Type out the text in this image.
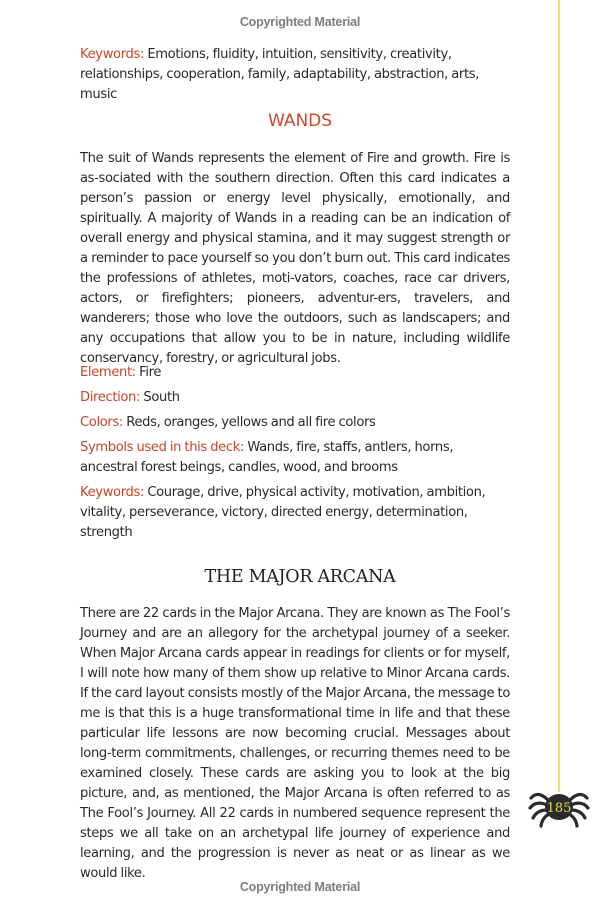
Copyrighted Material
Keywords: Emotions, fluidity, intuition, sensitivity, creativity, relationships, cooperation, family, adaptability, abstraction, arts, music
WANDS
The suit of Wands represents the element of Fire and growth. Fire is as-sociated with the southern direction. Often this card indicates a person’s passion or energy level physically, emotionally, and spiritually. A majority of Wands in a reading can be an indication of overall energy and physical stamina, and it may suggest strength or a reminder to pace yourself so you don’t burn out. This card indicates the professions of athletes, moti-vators, coaches, race car drivers, actors, or firefighters; pioneers, adventur-ers, travelers, and wanderers; those who love the outdoors, such as landscapers; and any occupations that allow you to be in nature, including wildlife conservancy, forestry, or agricultural jobs.
Element: Fire
Direction: South
Colors: Reds, oranges, yellows and all fire colors
Symbols used in this deck: Wands, fire, staffs, antlers, horns, ancestral forest beings, candles, wood, and brooms
Keywords: Courage, drive, physical activity, motivation, ambition, vitality, perseverance, victory, directed energy, determination, strength
THE MAJOR ARCANA
There are 22 cards in the Major Arcana. They are known as The Fool’s Journey and are an allegory for the archetypal journey of a seeker. When Major Arcana cards appear in readings for clients or for myself, I will note how many of them show up relative to Minor Arcana cards. If the card layout consists mostly of the Major Arcana, the message to me is that this is a huge transformational time in life and that these particular life lessons are now becoming crucial. Messages about long-term commitments, challenges, or recurring themes need to be examined closely. These cards are asking you to look at the big picture, and, as mentioned, the Major Arcana is often referred to as The Fool’s Journey. All 22 cards in numbered sequence represent the steps we all take on an archetypal life journey of experience and learning, and the progression is never as neat or as linear as we would like.
185
Copyrighted Material
